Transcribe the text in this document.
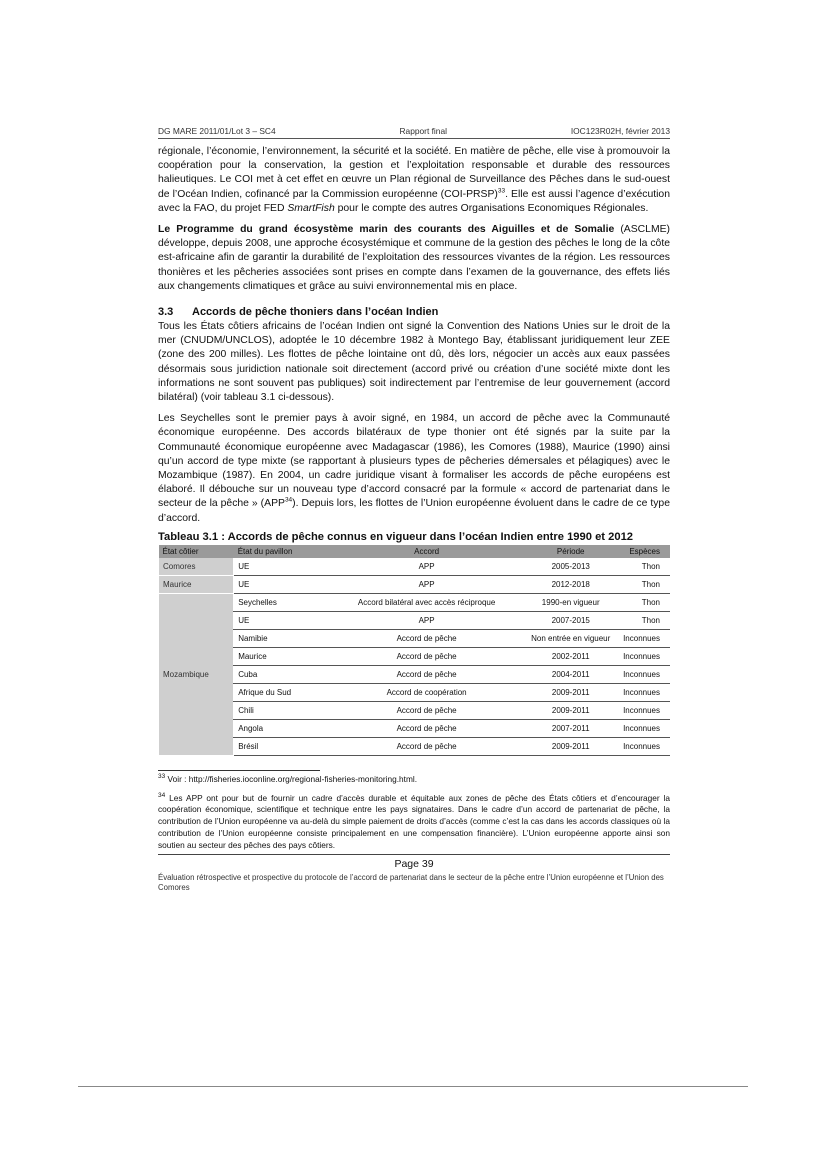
DG MARE 2011/01/Lot 3 – SC4	Rapport final	IOC123R02H, février 2013

régionale, l’économie, l’environnement, la sécurité et la société. En matière de pêche, elle vise à promouvoir la coopération pour la conservation, la gestion et l’exploitation responsable et durable des ressources halieutiques. Le COI met à cet effet en œuvre un Plan régional de Surveillance des Pêches dans le sud-ouest de l’Océan Indien, cofinancé par la Commission européenne (COI-PRSP)$^{33}$. Elle est aussi l’agence d’exécution avec la FAO, du projet FED SmartFish pour le compte des autres Organisations Economiques Régionales.

Le Programme du grand écosystème marin des courants des Aiguilles et de Somalie (ASCLME) développe, depuis 2008, une approche écosystémique et commune de la gestion des pêches le long de la côte est-africaine afin de garantir la durabilité de l’exploitation des ressources vivantes de la région. Les ressources thonières et les pêcheries associées sont prises en compte dans l’examen de la gouvernance, des effets liés aux changements climatiques et grâce au suivi environnemental mis en place.

3.3	Accords de pêche thoniers dans l’océan Indien

Tous les États côtiers africains de l’océan Indien ont signé la Convention des Nations Unies sur le droit de la mer (CNUDM/UNCLOS), adoptée le 10 décembre 1982 à Montego Bay, établissant juridiquement leur ZEE (zone des 200 milles). Les flottes de pêche lointaine ont dû, dès lors, négocier un accès aux eaux passées désormais sous juridiction nationale soit directement (accord privé ou création d’une société mixte dont les informations ne sont souvent pas publiques) soit indirectement par l’entremise de leur gouvernement (accord bilatéral) (voir tableau 3.1 ci-dessous).

Les Seychelles sont le premier pays à avoir signé, en 1984, un accord de pêche avec la Communauté économique européenne. Des accords bilatéraux de type thonier ont été signés par la suite par la Communauté économique européenne avec Madagascar (1986), les Comores (1988), Maurice (1990) ainsi qu’un accord de type mixte (se rapportant à plusieurs types de pêcheries démersales et pélagiques) avec le Mozambique (1987). En 2004, un cadre juridique visant à formaliser les accords de pêche européens est élaboré. Il débouche sur un nouveau type d’accord consacré par la formule « accord de partenariat dans le secteur de la pêche » (APP$^{34}$). Depuis lors, les flottes de l’Union européenne évoluent dans le cadre de ce type d’accord.

Tableau 3.1 : Accords de pêche connus en vigueur dans l’océan Indien entre 1990 et 2012
État côtier	État du pavillon	Accord	Période	Espèces
Comores	UE	APP	2005-2013	Thon
Maurice	UE	APP	2012-2018	Thon
Mozambique	Seychelles	Accord bilatéral avec accès réciproque	1990-en vigueur	Thon
	UE	APP	2007-2015	Thon
	Namibie	Accord de pêche	Non entrée en vigueur	Inconnues
	Maurice	Accord de pêche	2002-2011	Inconnues
	Cuba	Accord de pêche	2004-2011	Inconnues
	Afrique du Sud	Accord de coopération	2009-2011	Inconnues
	Chili	Accord de pêche	2009-2011	Inconnues
	Angola	Accord de pêche	2007-2011	Inconnues
	Brésil	Accord de pêche	2009-2011	Inconnues

$^{33}$ Voir : http://fisheries.ioconline.org/regional-fisheries-monitoring.html.

$^{34}$ Les APP ont pour but de fournir un cadre d’accès durable et équitable aux zones de pêche des États côtiers et d’encourager la coopération économique, scientifique et technique entre les pays signataires. Dans le cadre d’un accord de partenariat de pêche, la contribution de l’Union européenne va au-delà du simple paiement de droits d’accès (comme c’est la cas dans les accords classiques où la contribution de l’Union européenne consiste principalement en une compensation financière). L’Union européenne apporte ainsi son soutien au secteur des pêches des pays côtiers.

Page 39
Évaluation rétrospective et prospective du protocole de l’accord de partenariat dans le secteur de la pêche entre l’Union européenne et l’Union des Comores
